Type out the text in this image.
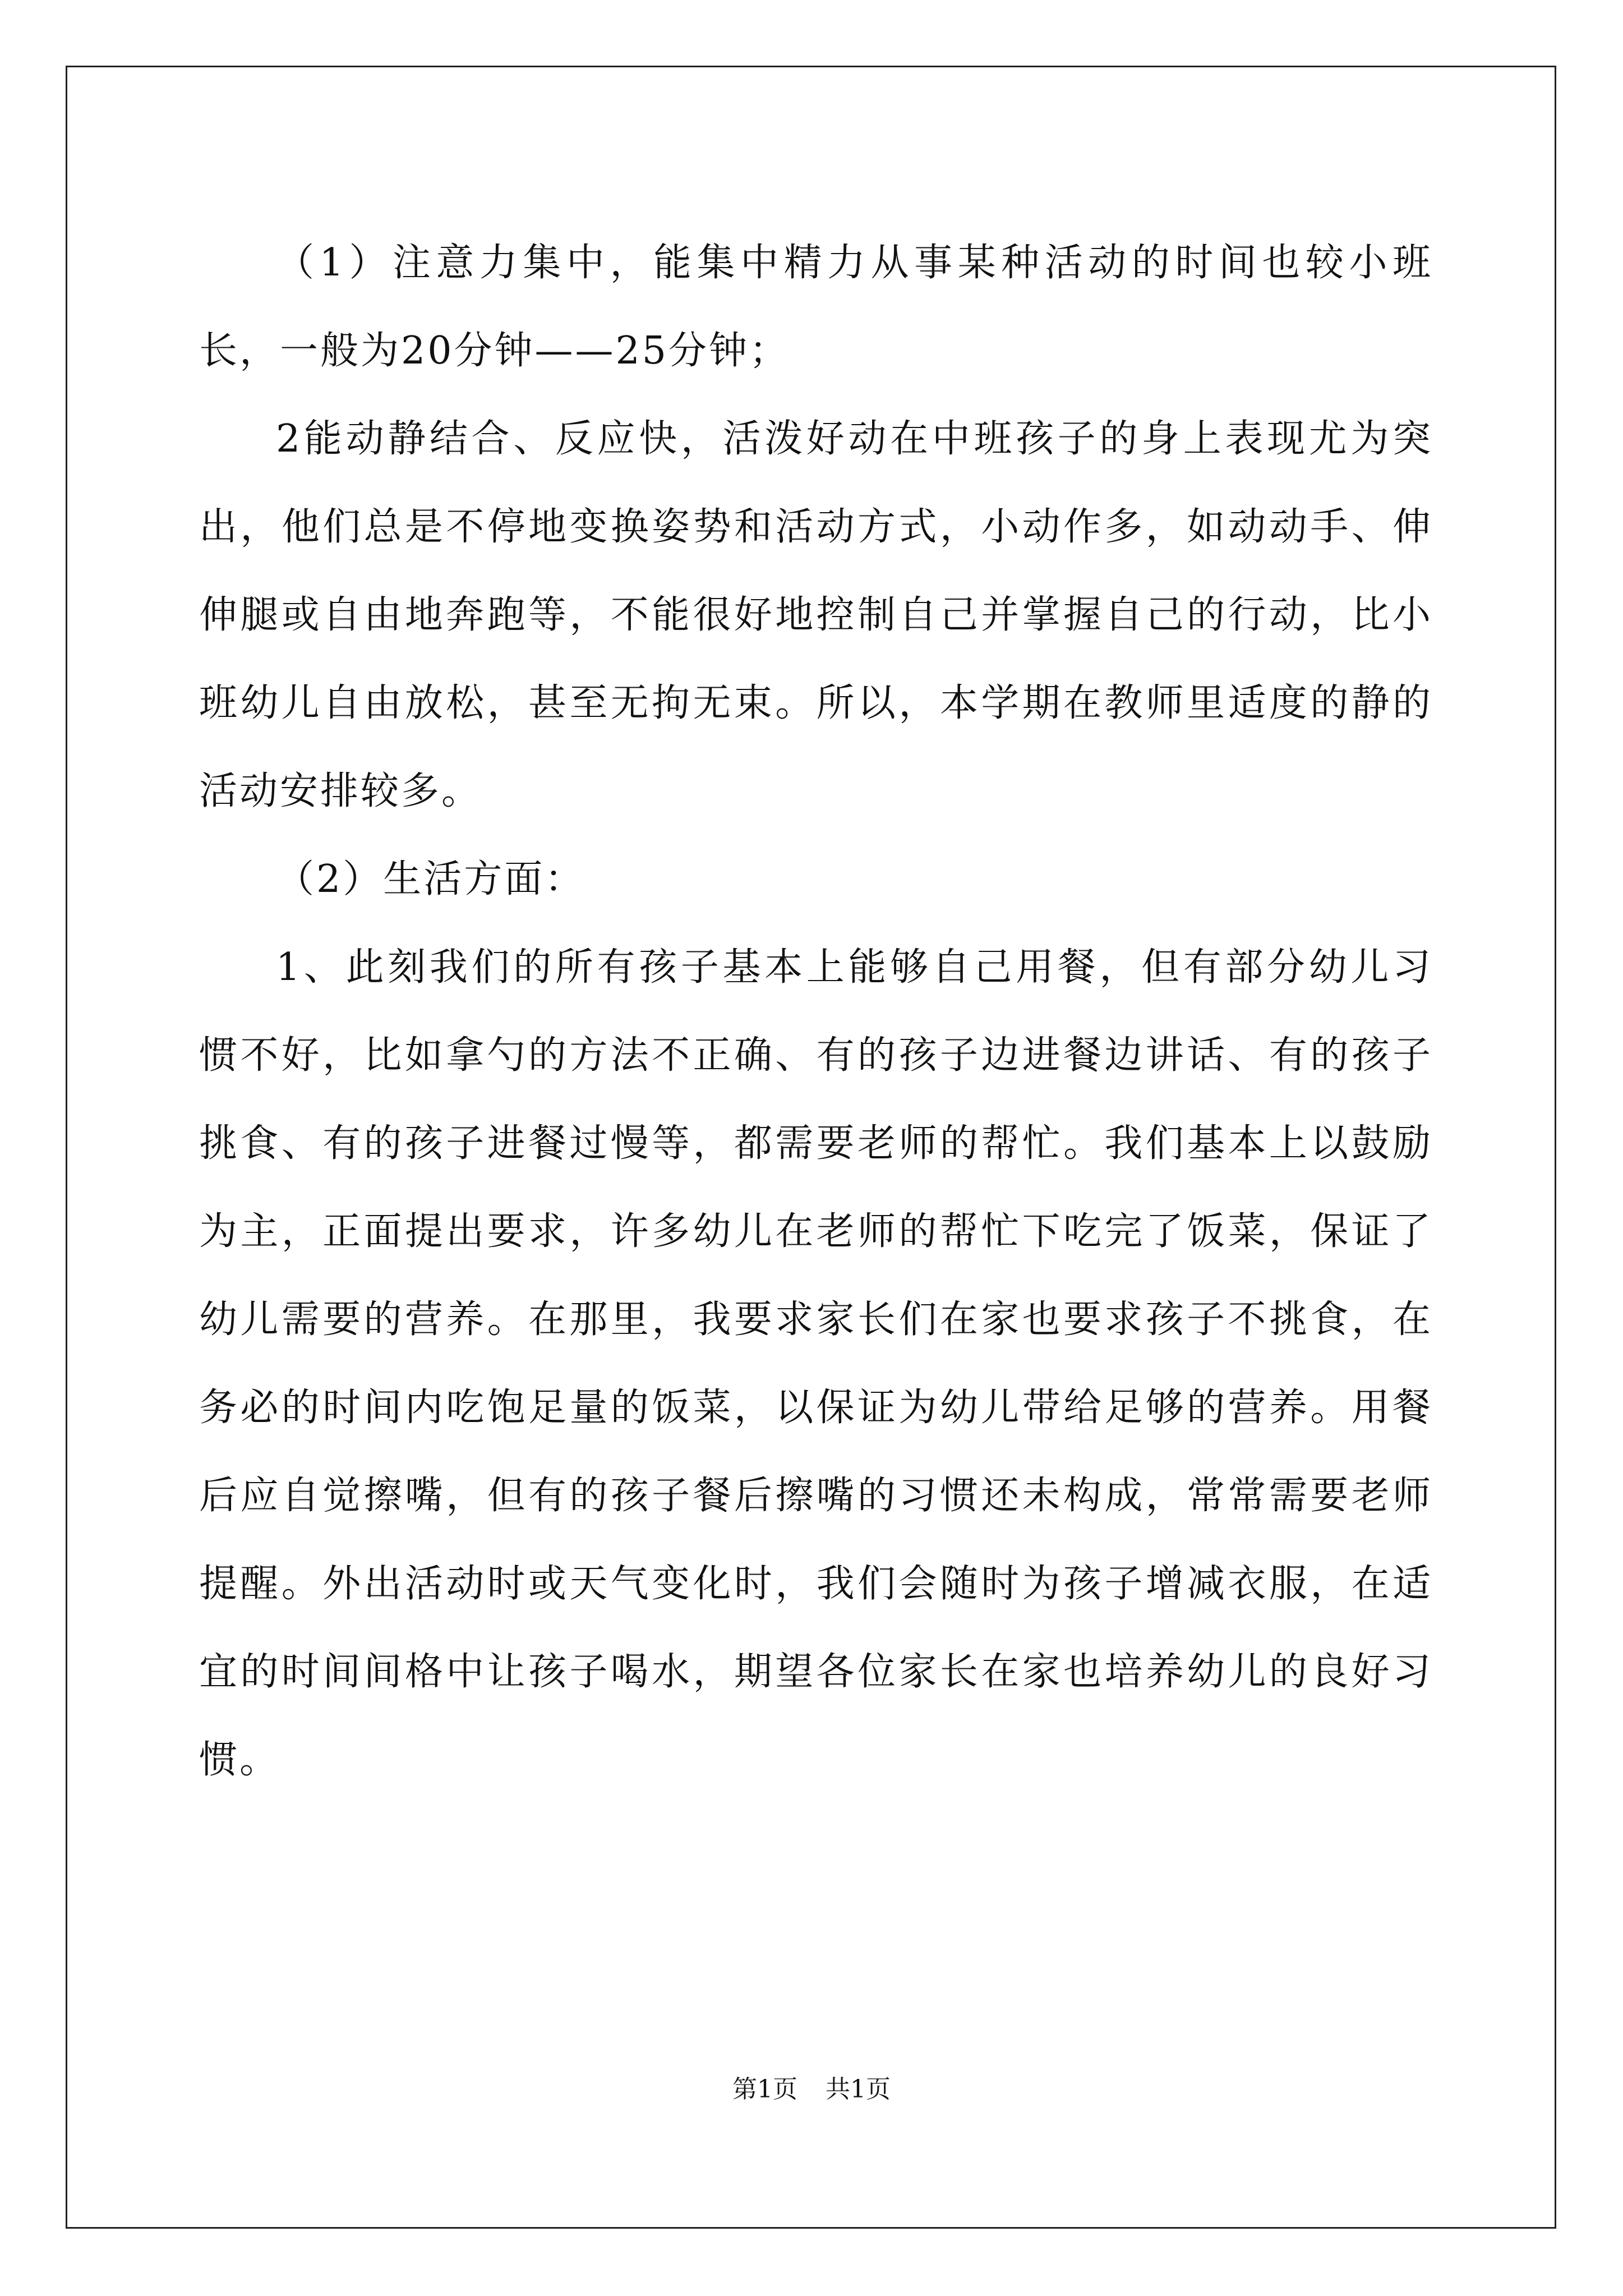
（1）注意力集中，能集中精力从事某种活动的时间也较小班长，一般为20分钟——25分钟；

2能动静结合、反应快，活泼好动在中班孩子的身上表现尤为突出，他们总是不停地变换姿势和活动方式，小动作多，如动动手、伸伸腿或自由地奔跑等，不能很好地控制自己并掌握自己的行动，比小班幼儿自由放松，甚至无拘无束。所以，本学期在教师里适度的静的活动安排较多。

（2）生活方面：

1、此刻我们的所有孩子基本上能够自己用餐，但有部分幼儿习惯不好，比如拿勺的方法不正确、有的孩子边进餐边讲话、有的孩子挑食、有的孩子进餐过慢等，都需要老师的帮忙。我们基本上以鼓励为主，正面提出要求，许多幼儿在老师的帮忙下吃完了饭菜，保证了幼儿需要的营养。在那里，我要求家长们在家也要求孩子不挑食，在务必的时间内吃饱足量的饭菜，以保证为幼儿带给足够的营养。用餐后应自觉擦嘴，但有的孩子餐后擦嘴的习惯还未构成，常常需要老师提醒。外出活动时或天气变化时，我们会随时为孩子增减衣服，在适宜的时间间格中让孩子喝水，期望各位家长在家也培养幼儿的良好习惯。

第1页 共1页
